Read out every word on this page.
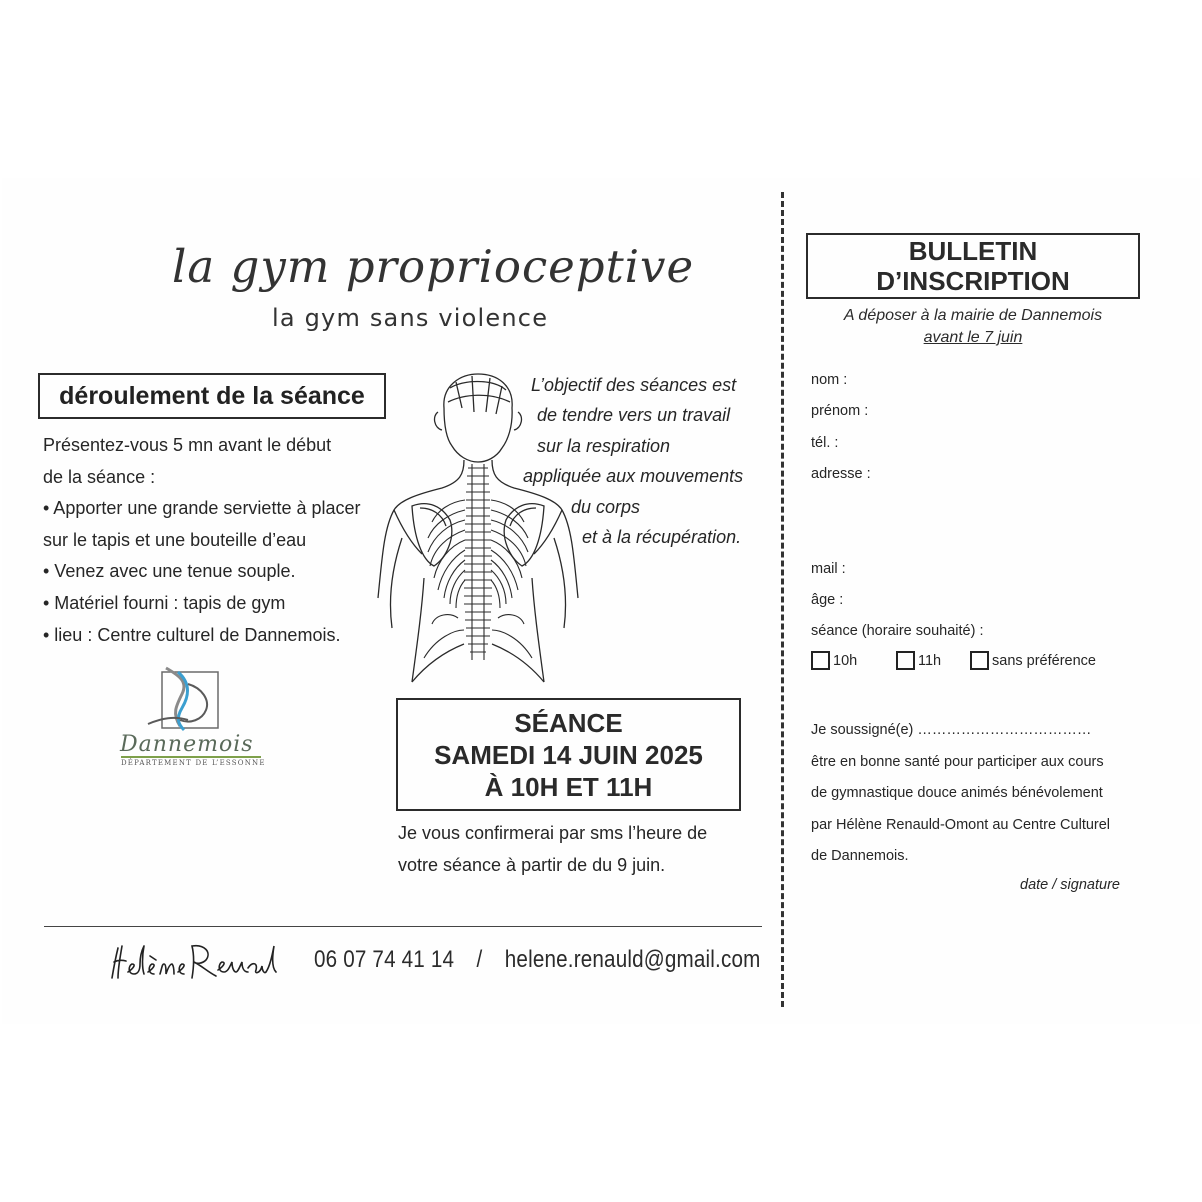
la gym proprioceptive
la gym sans violence
déroulement de la séance
Présentez-vous 5 mn avant le début
de la séance :
• Apporter une grande serviette à placer
sur le tapis et une bouteille d’eau
• Venez avec une tenue souple.
• Matériel fourni : tapis de gym
• lieu : Centre culturel de Dannemois.
L’objectif des séances est
de tendre vers un travail
sur la respiration
appliquée aux mouvements
du corps
et à la récupération.
Dannemois
DÉPARTEMENT DE L’ESSONNE
SÉANCE
SAMEDI 14 JUIN 2025
À 10H ET 11H
Je vous confirmerai par sms l’heure de
votre séance à partir de du 9 juin.
06 07 74 41 14 / helene.renauld@gmail.com
BULLETIN
D’INSCRIPTION
A déposer à la mairie de Dannemois
avant le 7 juin
nom :
prénom :
tél. :
adresse :
mail :
âge :
séance (horaire souhaité) :
10h	11h	sans préférence
Je soussigné(e) ………………………………
être en bonne santé pour participer aux cours
de gymnastique douce animés bénévolement
par Hélène Renauld-Omont au Centre Culturel
de Dannemois.
date / signature
